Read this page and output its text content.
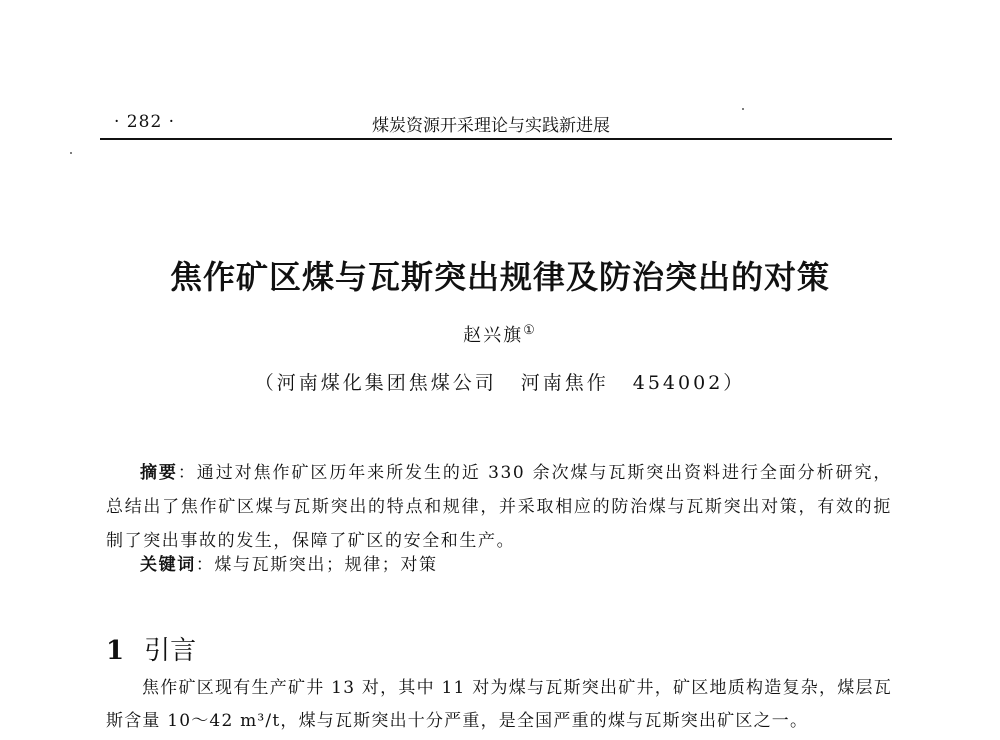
· 282 ·	煤炭资源开采理论与实践新进展
焦作矿区煤与瓦斯突出规律及防治突出的对策
赵兴旗①
（河南煤化集团焦煤公司 河南焦作 454002）
摘要：通过对焦作矿区历年来所发生的近 330 余次煤与瓦斯突出资料进行全面分析研究，总结出了焦作矿区煤与瓦斯突出的特点和规律，并采取相应的防治煤与瓦斯突出对策，有效的扼制了突出事故的发生，保障了矿区的安全和生产。
关键词：煤与瓦斯突出；规律；对策
1 引言
焦作矿区现有生产矿井 13 对，其中 11 对为煤与瓦斯突出矿井，矿区地质构造复杂，煤层瓦斯含量 10～42 m³/t，煤与瓦斯突出十分严重，是全国严重的煤与瓦斯突出矿区之一。
